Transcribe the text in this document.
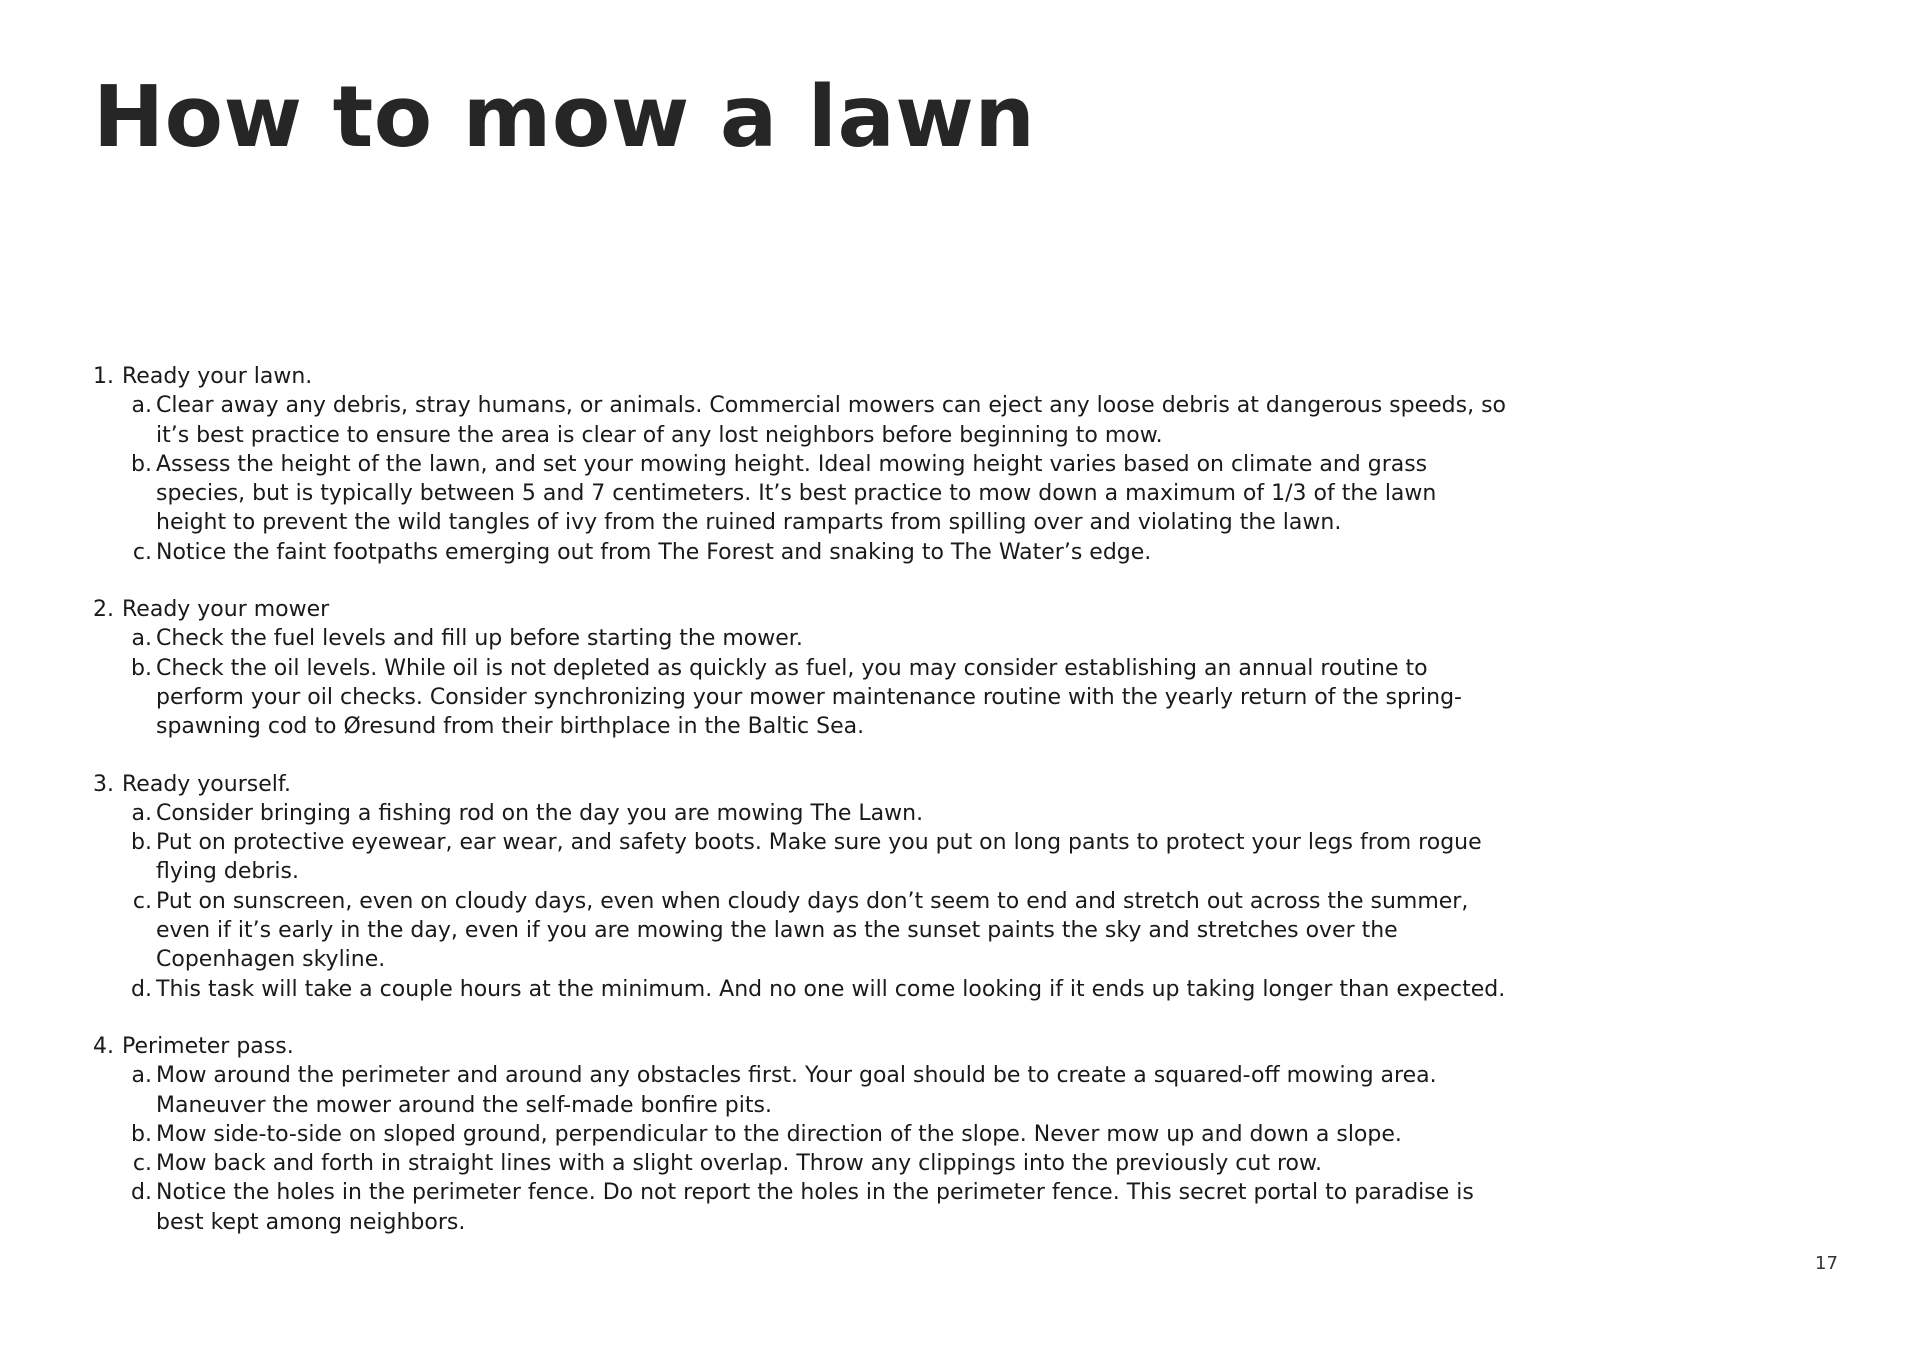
How to mow a lawn
1. Ready your lawn.
a. Clear away any debris, stray humans, or animals. Commercial mowers can eject any loose debris at dangerous speeds, so it’s best practice to ensure the area is clear of any lost neighbors before beginning to mow.
b. Assess the height of the lawn, and set your mowing height. Ideal mowing height varies based on climate and grass species, but is typically between 5 and 7 centimeters. It’s best practice to mow down a maximum of 1/3 of the lawn height to prevent the wild tangles of ivy from the ruined ramparts from spilling over and violating the lawn.
c. Notice the faint footpaths emerging out from The Forest and snaking to The Water’s edge.
2. Ready your mower
a. Check the fuel levels and fill up before starting the mower.
b. Check the oil levels. While oil is not depleted as quickly as fuel, you may consider establishing an annual routine to perform your oil checks. Consider synchronizing your mower maintenance routine with the yearly return of the spring-spawning cod to Øresund from their birthplace in the Baltic Sea.
3. Ready yourself.
a. Consider bringing a fishing rod on the day you are mowing The Lawn.
b. Put on protective eyewear, ear wear, and safety boots. Make sure you put on long pants to protect your legs from rogue flying debris.
c. Put on sunscreen, even on cloudy days, even when cloudy days don’t seem to end and stretch out across the summer, even if it’s early in the day, even if you are mowing the lawn as the sunset paints the sky and stretches over the Copenhagen skyline.
d. This task will take a couple hours at the minimum. And no one will come looking if it ends up taking longer than expected.
4. Perimeter pass.
a. Mow around the perimeter and around any obstacles first. Your goal should be to create a squared-off mowing area. Maneuver the mower around the self-made bonfire pits.
b. Mow side-to-side on sloped ground, perpendicular to the direction of the slope. Never mow up and down a slope.
c. Mow back and forth in straight lines with a slight overlap. Throw any clippings into the previously cut row.
d. Notice the holes in the perimeter fence. Do not report the holes in the perimeter fence. This secret portal to paradise is best kept among neighbors.
17
